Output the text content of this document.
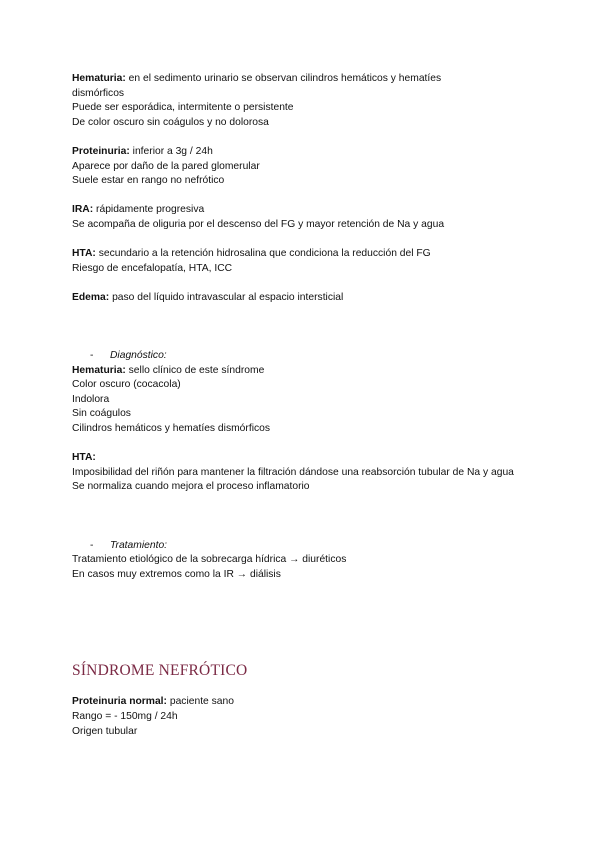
Hematuria: en el sedimento urinario se observan cilindros hemáticos y hematíes dismórficos
Puede ser esporádica, intermitente o persistente
De color oscuro sin coágulos y no dolorosa
Proteinuria: inferior a 3g / 24h
Aparece por daño de la pared glomerular
Suele estar en rango no nefrótico
IRA: rápidamente progresiva
Se acompaña de oliguria por el descenso del FG y mayor retención de Na y agua
HTA: secundario a la retención hidrosalina que condiciona la reducción del FG
Riesgo de encefalopatía, HTA, ICC
Edema: paso del líquido intravascular al espacio intersticial
- Diagnóstico:
Hematuria: sello clínico de este síndrome
Color oscuro (cocacola)
Indolora
Sin coágulos
Cilindros hemáticos y hematíes dismórficos
HTA:
Imposibilidad del riñón para mantener la filtración dándose una reabsorción tubular de Na y agua
Se normaliza cuando mejora el proceso inflamatorio
- Tratamiento:
Tratamiento etiológico de la sobrecarga hídrica → diuréticos
En casos muy extremos como la IR → diálisis
SÍNDROME NEFRÓTICO
Proteinuria normal: paciente sano
Rango = - 150mg / 24h
Origen tubular
